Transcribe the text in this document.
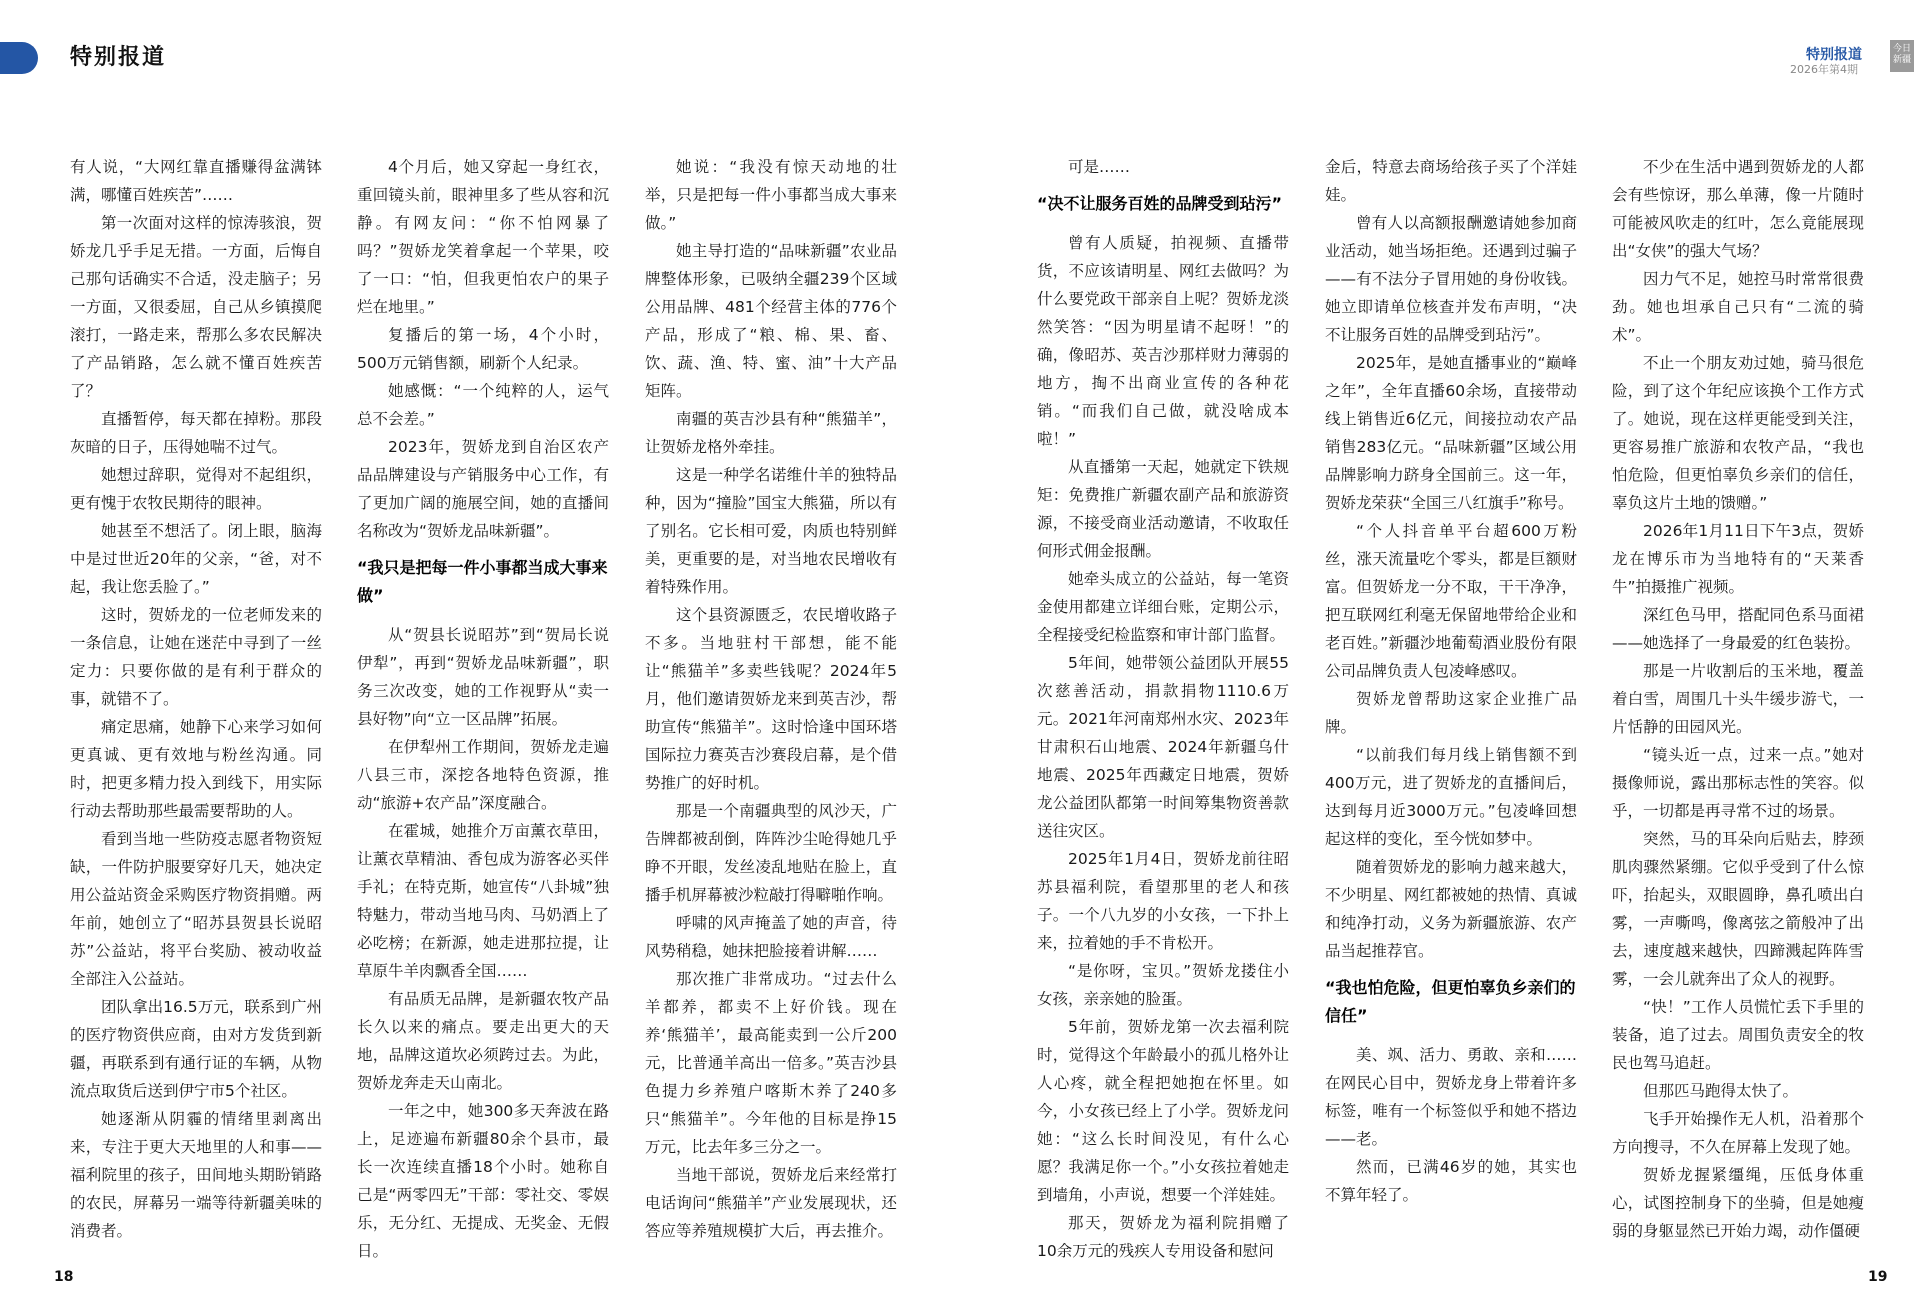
特别报道	特别报道
2026年第4期
今日
新疆

有人说，“大网红靠直播赚得盆满钵满，哪懂百姓疾苦”……

第一次面对这样的惊涛骇浪，贺娇龙几乎手足无措。一方面，后悔自己那句话确实不合适，没走脑子；另一方面，又很委屈，自己从乡镇摸爬滚打，一路走来，帮那么多农民解决了产品销路，怎么就不懂百姓疾苦了？

直播暂停，每天都在掉粉。那段灰暗的日子，压得她喘不过气。

她想过辞职，觉得对不起组织，更有愧于农牧民期待的眼神。

她甚至不想活了。闭上眼，脑海中是过世近20年的父亲，“爸，对不起，我让您丢脸了。”

这时，贺娇龙的一位老师发来的一条信息，让她在迷茫中寻到了一丝定力：只要你做的是有利于群众的事，就错不了。

痛定思痛，她静下心来学习如何更真诚、更有效地与粉丝沟通。同时，把更多精力投入到线下，用实际行动去帮助那些最需要帮助的人。

看到当地一些防疫志愿者物资短缺，一件防护服要穿好几天，她决定用公益站资金采购医疗物资捐赠。两年前，她创立了“昭苏县贺县长说昭苏”公益站，将平台奖励、被动收益全部注入公益站。

团队拿出16.5万元，联系到广州的医疗物资供应商，由对方发货到新疆，再联系到有通行证的车辆，从物流点取货后送到伊宁市5个社区。

她逐渐从阴霾的情绪里剥离出来，专注于更大天地里的人和事——福利院里的孩子，田间地头期盼销路的农民，屏幕另一端等待新疆美味的消费者。

4个月后，她又穿起一身红衣，重回镜头前，眼神里多了些从容和沉静。有网友问：“你不怕网暴了吗？”贺娇龙笑着拿起一个苹果，咬了一口：“怕，但我更怕农户的果子烂在地里。”

复播后的第一场，4个小时，500万元销售额，刷新个人纪录。

她感慨：“一个纯粹的人，运气总不会差。”

2023年，贺娇龙到自治区农产品品牌建设与产销服务中心工作，有了更加广阔的施展空间，她的直播间名称改为“贺娇龙品味新疆”。

“我只是把每一件小事都当成大事来做”

从“贺县长说昭苏”到“贺局长说伊犁”，再到“贺娇龙品味新疆”，职务三次改变，她的工作视野从“卖一县好物”向“立一区品牌”拓展。

在伊犁州工作期间，贺娇龙走遍八县三市，深挖各地特色资源，推动“旅游+农产品”深度融合。

在霍城，她推介万亩薰衣草田，让薰衣草精油、香包成为游客必买伴手礼；在特克斯，她宣传“八卦城”独特魅力，带动当地马肉、马奶酒上了必吃榜；在新源，她走进那拉提，让草原牛羊肉飘香全国……

有品质无品牌，是新疆农牧产品长久以来的痛点。要走出更大的天地，品牌这道坎必须跨过去。为此，贺娇龙奔走天山南北。

一年之中，她300多天奔波在路上，足迹遍布新疆80余个县市，最长一次连续直播18个小时。她称自己是“两零四无”干部：零社交、零娱乐，无分红、无提成、无奖金、无假日。

她说：“我没有惊天动地的壮举，只是把每一件小事都当成大事来做。”

她主导打造的“品味新疆”农业品牌整体形象，已吸纳全疆239个区域公用品牌、481个经营主体的776个产品，形成了“粮、棉、果、畜、饮、蔬、渔、特、蜜、油”十大产品矩阵。

南疆的英吉沙县有种“熊猫羊”，让贺娇龙格外牵挂。

这是一种学名诺维什羊的独特品种，因为“撞脸”国宝大熊猫，所以有了别名。它长相可爱，肉质也特别鲜美，更重要的是，对当地农民增收有着特殊作用。

这个县资源匮乏，农民增收路子不多。当地驻村干部想，能不能让“熊猫羊”多卖些钱呢？2024年5月，他们邀请贺娇龙来到英吉沙，帮助宣传“熊猫羊”。这时恰逢中国环塔国际拉力赛英吉沙赛段启幕，是个借势推广的好时机。

那是一个南疆典型的风沙天，广告牌都被刮倒，阵阵沙尘呛得她几乎睁不开眼，发丝凌乱地贴在脸上，直播手机屏幕被沙粒敲打得噼啪作响。

呼啸的风声掩盖了她的声音，待风势稍稳，她抹把脸接着讲解……

那次推广非常成功。“过去什么羊都养，都卖不上好价钱。现在养‘熊猫羊’，最高能卖到一公斤200元，比普通羊高出一倍多。”英吉沙县色提力乡养殖户喀斯木养了240多只“熊猫羊”。今年他的目标是挣15万元，比去年多三分之一。

当地干部说，贺娇龙后来经常打电话询问“熊猫羊”产业发展现状，还答应等养殖规模扩大后，再去推介。

可是……

“决不让服务百姓的品牌受到玷污”

曾有人质疑，拍视频、直播带货，不应该请明星、网红去做吗？为什么要党政干部亲自上呢？贺娇龙淡然笑答：“因为明星请不起呀！”的确，像昭苏、英吉沙那样财力薄弱的地方，掏不出商业宣传的各种花销。“而我们自己做，就没啥成本啦！”

从直播第一天起，她就定下铁规矩：免费推广新疆农副产品和旅游资源，不接受商业活动邀请，不收取任何形式佣金报酬。

她牵头成立的公益站，每一笔资金使用都建立详细台账，定期公示，全程接受纪检监察和审计部门监督。

5年间，她带领公益团队开展55次慈善活动，捐款捐物1110.6万元。2021年河南郑州水灾、2023年甘肃积石山地震、2024年新疆乌什地震、2025年西藏定日地震，贺娇龙公益团队都第一时间筹集物资善款送往灾区。

2025年1月4日，贺娇龙前往昭苏县福利院，看望那里的老人和孩子。一个八九岁的小女孩，一下扑上来，拉着她的手不肯松开。

“是你呀，宝贝。”贺娇龙搂住小女孩，亲亲她的脸蛋。

5年前，贺娇龙第一次去福利院时，觉得这个年龄最小的孤儿格外让人心疼，就全程把她抱在怀里。如今，小女孩已经上了小学。贺娇龙问她：“这么长时间没见，有什么心愿？我满足你一个。”小女孩拉着她走到墙角，小声说，想要一个洋娃娃。

那天，贺娇龙为福利院捐赠了10余万元的残疾人专用设备和慰问

金后，特意去商场给孩子买了个洋娃娃。

曾有人以高额报酬邀请她参加商业活动，她当场拒绝。还遇到过骗子——有不法分子冒用她的身份收钱。她立即请单位核查并发布声明，“决不让服务百姓的品牌受到玷污”。

2025年，是她直播事业的“巅峰之年”，全年直播60余场，直接带动线上销售近6亿元，间接拉动农产品销售283亿元。“品味新疆”区域公用品牌影响力跻身全国前三。这一年，贺娇龙荣获“全国三八红旗手”称号。

“个人抖音单平台超600万粉丝，涨天流量吃个零头，都是巨额财富。但贺娇龙一分不取，干干净净，把互联网红利毫无保留地带给企业和老百姓。”新疆沙地葡萄酒业股份有限公司品牌负责人包凌峰感叹。

贺娇龙曾帮助这家企业推广品牌。

“以前我们每月线上销售额不到400万元，进了贺娇龙的直播间后，达到每月近3000万元。”包凌峰回想起这样的变化，至今恍如梦中。

随着贺娇龙的影响力越来越大，不少明星、网红都被她的热情、真诚和纯净打动，义务为新疆旅游、农产品当起推荐官。

“我也怕危险，但更怕辜负乡亲们的信任”

美、飒、活力、勇敢、亲和……在网民心目中，贺娇龙身上带着许多标签，唯有一个标签似乎和她不搭边——老。

然而，已满46岁的她，其实也不算年轻了。

不少在生活中遇到贺娇龙的人都会有些惊讶，那么单薄，像一片随时可能被风吹走的红叶，怎么竟能展现出“女侠”的强大气场？

因力气不足，她控马时常常很费劲。她也坦承自己只有“二流的骑术”。

不止一个朋友劝过她，骑马很危险，到了这个年纪应该换个工作方式了。她说，现在这样更能受到关注，更容易推广旅游和农牧产品，“我也怕危险，但更怕辜负乡亲们的信任，辜负这片土地的馈赠。”

2026年1月11日下午3点，贺娇龙在博乐市为当地特有的“天莱香牛”拍摄推广视频。

深红色马甲，搭配同色系马面裙——她选择了一身最爱的红色装扮。

那是一片收割后的玉米地，覆盖着白雪，周围几十头牛缓步游弋，一片恬静的田园风光。

“镜头近一点，过来一点。”她对摄像师说，露出那标志性的笑容。似乎，一切都是再寻常不过的场景。

突然，马的耳朵向后贴去，脖颈肌肉骤然紧绷。它似乎受到了什么惊吓，抬起头，双眼圆睁，鼻孔喷出白雾，一声嘶鸣，像离弦之箭般冲了出去，速度越来越快，四蹄溅起阵阵雪雾，一会儿就奔出了众人的视野。

“快！”工作人员慌忙丢下手里的装备，追了过去。周围负责安全的牧民也驾马追赶。

但那匹马跑得太快了。

飞手开始操作无人机，沿着那个方向搜寻，不久在屏幕上发现了她。

贺娇龙握紧缰绳，压低身体重心，试图控制身下的坐骑，但是她瘦弱的身躯显然已开始力竭，动作僵硬

18	19
